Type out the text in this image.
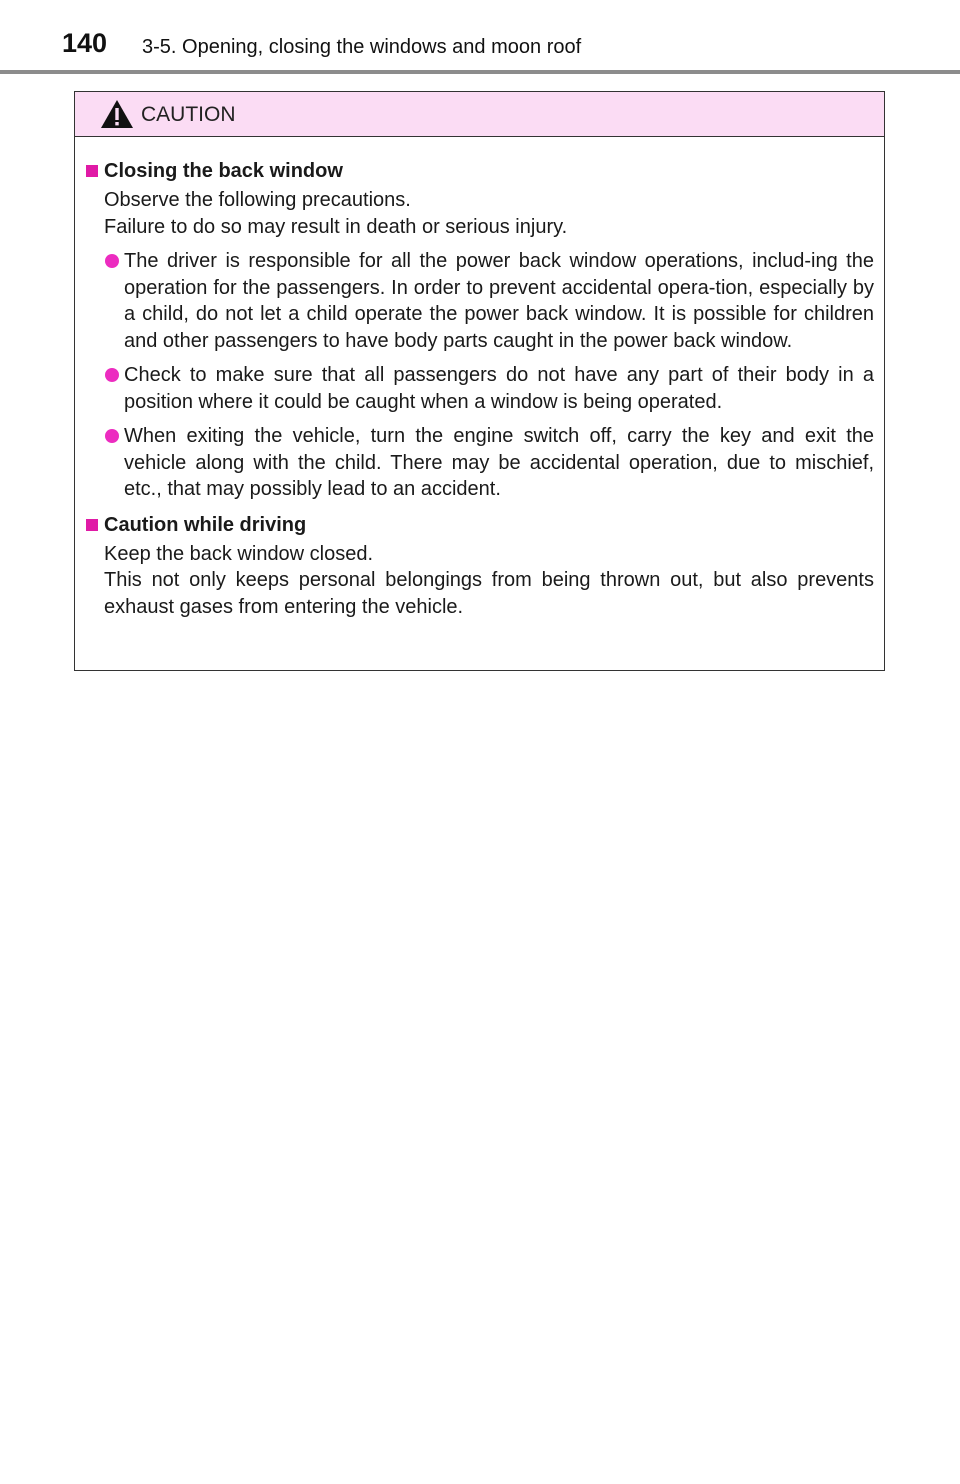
140 3-5. Opening, closing the windows and moon roof
CAUTION
Closing the back window
Observe the following precautions.
Failure to do so may result in death or serious injury.
The driver is responsible for all the power back window operations, includ-ing the operation for the passengers. In order to prevent accidental opera-tion, especially by a child, do not let a child operate the power back window. It is possible for children and other passengers to have body parts caught in the power back window.
Check to make sure that all passengers do not have any part of their body in a position where it could be caught when a window is being operated.
When exiting the vehicle, turn the engine switch off, carry the key and exit the vehicle along with the child. There may be accidental operation, due to mischief, etc., that may possibly lead to an accident.
Caution while driving
Keep the back window closed.
This not only keeps personal belongings from being thrown out, but also prevents exhaust gases from entering the vehicle.
